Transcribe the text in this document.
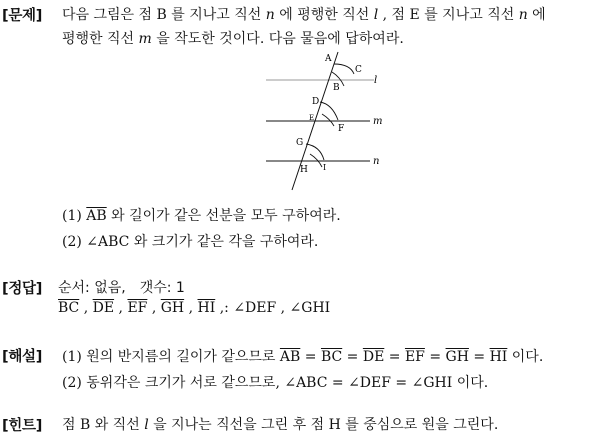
[문제] 다음 그림은 점 B 를 지나고 직선 n 에 평행한 직선 l , 점 E 를 지나고 직선 n 에
평행한 직선 m 을 작도한 것이다. 다음 물음에 답하여라.
A
B
C
D
E
F
G
H I
l
m
n
(1) $\overline{AB}$ 와 길이가 같은 선분을 모두 구하여라.
(2) ∠ABC 와 크기가 같은 각을 구하여라.
[정답] 순서: 없음, 갯수: 1
$\overline{BC}$ , $\overline{DE}$ , $\overline{EF}$ , $\overline{GH}$ , $\overline{HI}$ ,: ∠DEF , ∠GHI
[해설] (1) 원의 반지름의 길이가 같으므로 $\overline{AB} = \overline{BC} = \overline{DE} = \overline{EF} = \overline{GH} = \overline{HI}$ 이다.
(2) 동위각은 크기가 서로 같으므로, ∠ABC = ∠DEF = ∠GHI 이다.
[힌트] 점 B 와 직선 l 을 지나는 직선을 그린 후 점 H 를 중심으로 원을 그린다.
